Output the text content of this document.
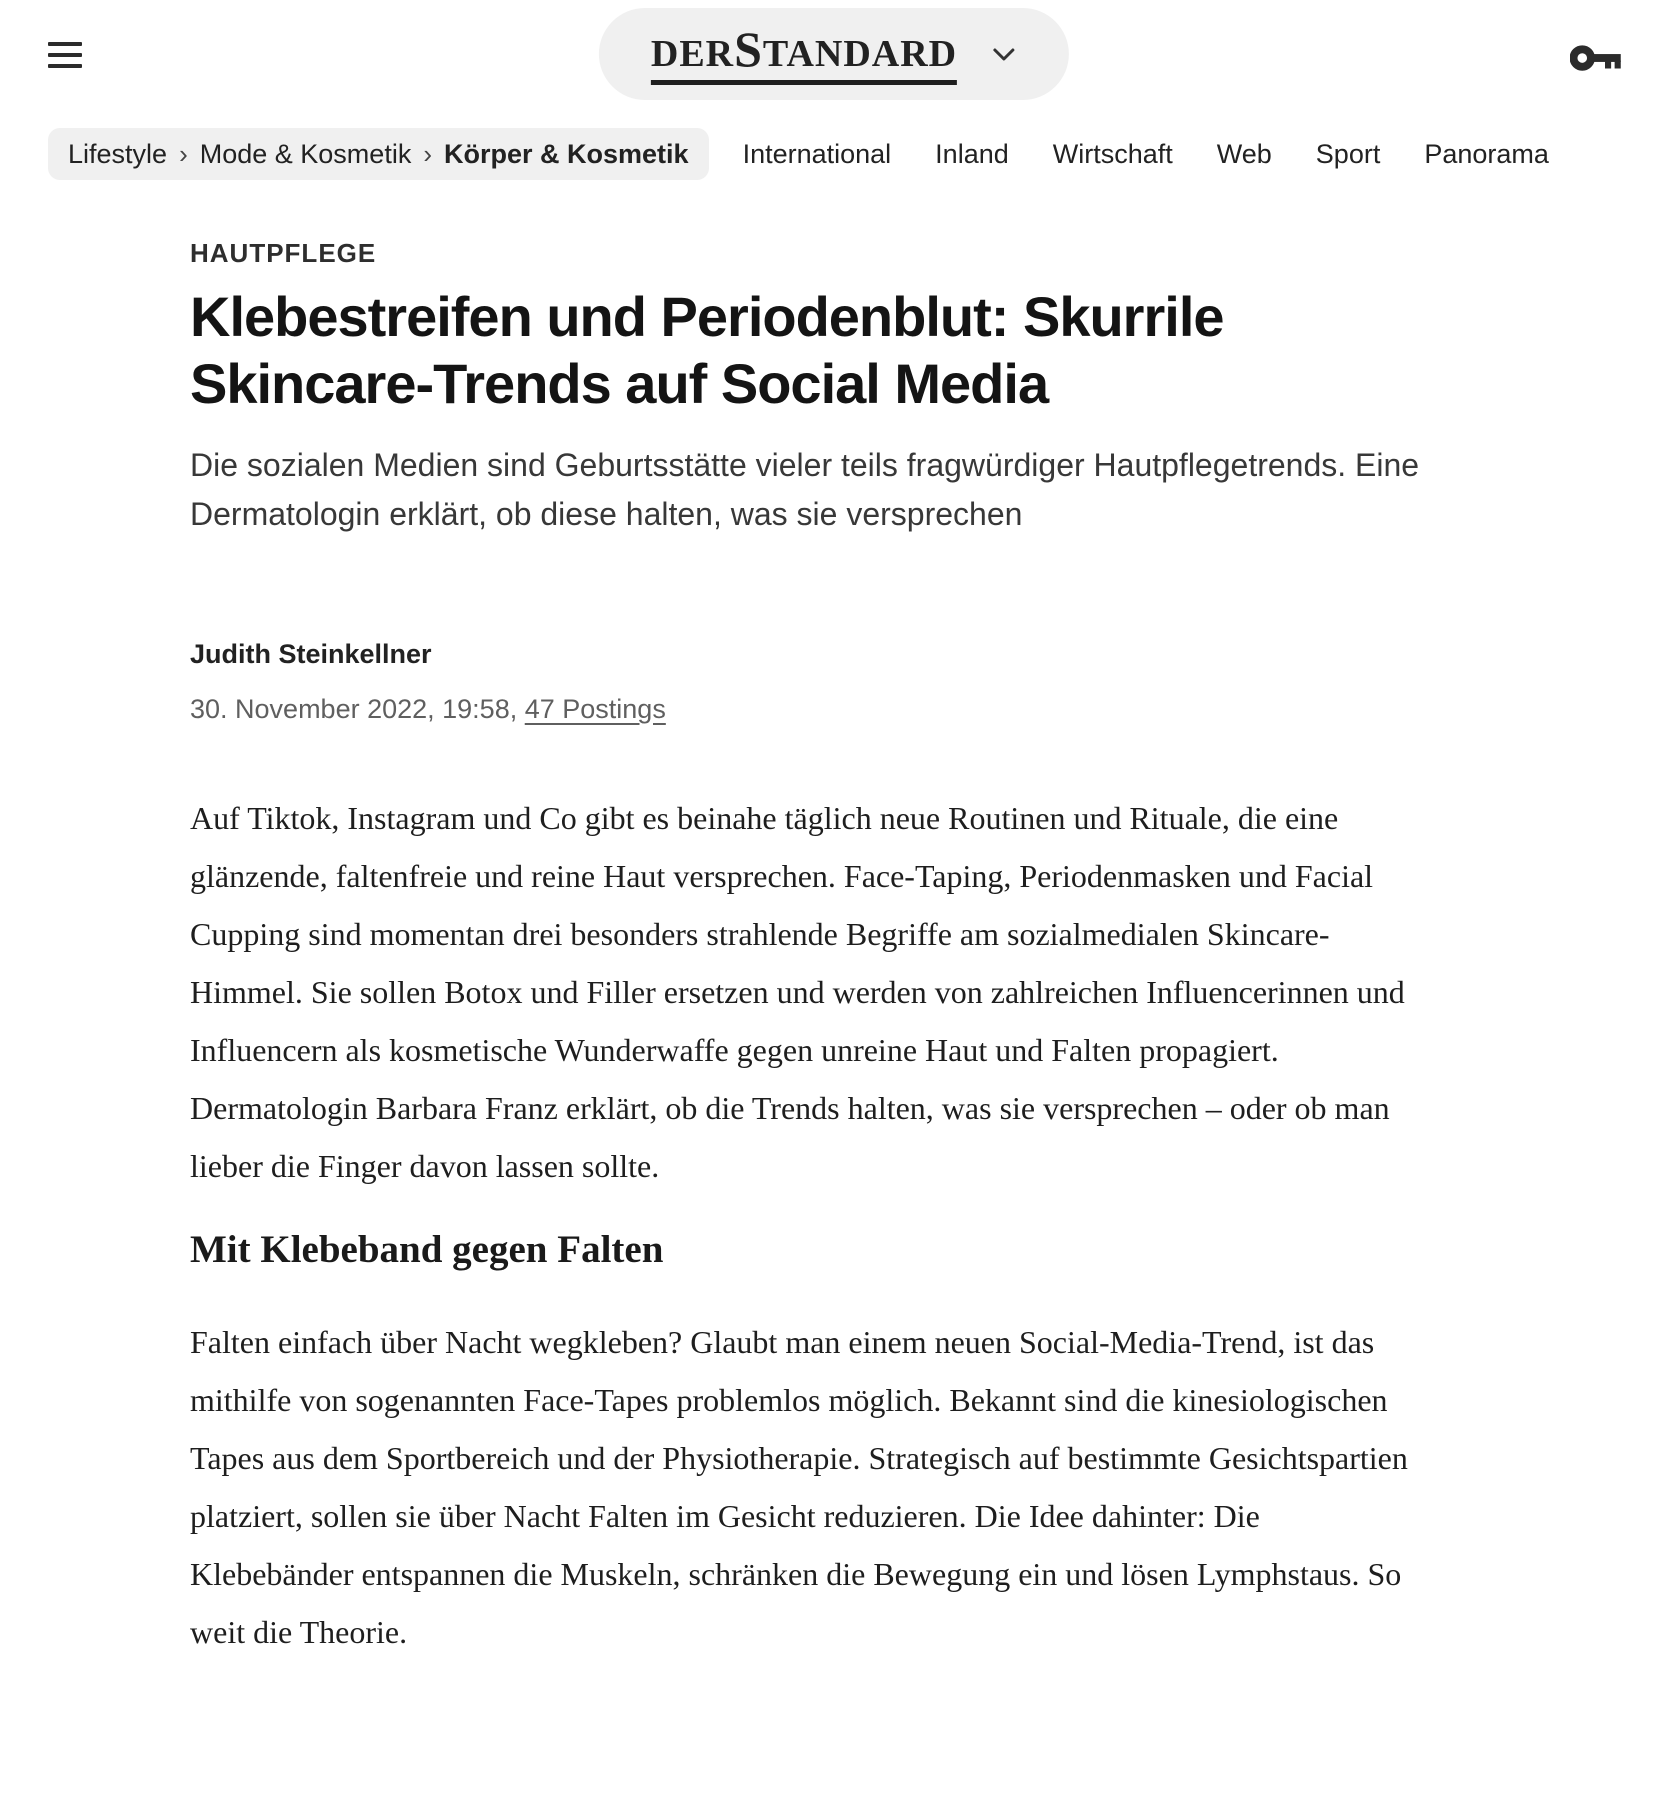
DERSTANDARD
Lifestyle › Mode & Kosmetik › Körper & Kosmetik International Inland Wirtschaft Web Sport Panorama
HAUTPFLEGE
Klebestreifen und Periodenblut: Skurrile Skincare-Trends auf Social Media

Die sozialen Medien sind Geburtsstätte vieler teils fragwürdiger Hautpflegetrends. Eine Dermatologin erklärt, ob diese halten, was sie versprechen

Judith Steinkellner
30. November 2022, 19:58, 47 Postings

Auf Tiktok, Instagram und Co gibt es beinahe täglich neue Routinen und Rituale, die eine glänzende, faltenfreie und reine Haut versprechen. Face-Taping, Periodenmasken und Facial Cupping sind momentan drei besonders strahlende Begriffe am sozialmedialen Skincare-Himmel. Sie sollen Botox und Filler ersetzen und werden von zahlreichen Influencerinnen und Influencern als kosmetische Wunderwaffe gegen unreine Haut und Falten propagiert. Dermatologin Barbara Franz erklärt, ob die Trends halten, was sie versprechen – oder ob man lieber die Finger davon lassen sollte.

Mit Klebeband gegen Falten

Falten einfach über Nacht wegkleben? Glaubt man einem neuen Social-Media-Trend, ist das mithilfe von sogenannten Face-Tapes problemlos möglich. Bekannt sind die kinesiologischen Tapes aus dem Sportbereich und der Physiotherapie. Strategisch auf bestimmte Gesichtspartien platziert, sollen sie über Nacht Falten im Gesicht reduzieren. Die Idee dahinter: Die Klebebänder entspannen die Muskeln, schränken die Bewegung ein und lösen Lymphstaus. So weit die Theorie.
